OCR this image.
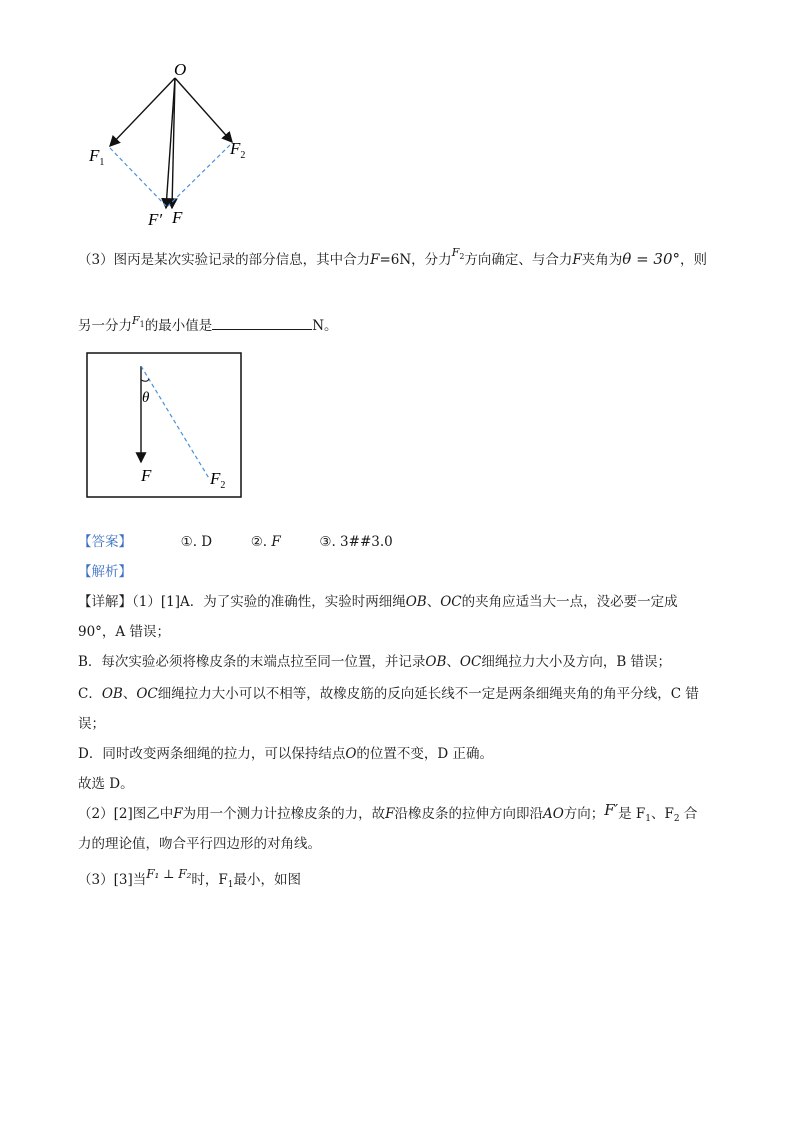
O
$F_1$
$F_2$
F′ F
（3）图丙是某次实验记录的部分信息，其中合力F=6N，分力$^{F_2}$方向确定、与合力F夹角为θ = 30°，则
另一分力$^{F_1}$的最小值是	N。
θ
F	$F_2$
【答案】	①. D	②. F	③. 3##3.0
【解析】
【详解】（1）[1]A．为了实验的准确性，实验时两细绳OB、OC的夹角应适当大一点，没必要一定成
90°，A 错误；
B．每次实验必须将橡皮条的末端点拉至同一位置，并记录OB、OC细绳拉力大小及方向，B 错误；
C．OB、OC细绳拉力大小可以不相等，故橡皮筋的反向延长线不一定是两条细绳夹角的角平分线，C 错
误；
D．同时改变两条细绳的拉力，可以保持结点O的位置不变，D 正确。
故选 D。
（2）[2]图乙中F为用一个测力计拉橡皮条的力，故F沿橡皮条的拉伸方向即沿AO方向；F′是 $F_1$、$F_2$ 合
力的理论值，吻合平行四边形的对角线。
（3）[3]当F₁ ⊥ F₂时，$F_1$最小，如图
